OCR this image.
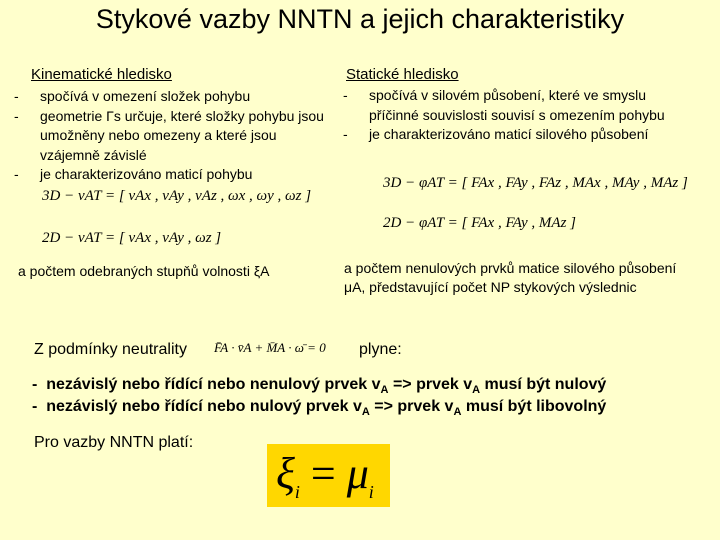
Stykové vazby NNTN a jejich charakteristiky
Kinematické hledisko
-	spočívá v omezení složek pohybu
-	geometrie Γs určuje, které složky pohybu jsou umožněny nebo omezeny a které jsou vzájemně závislé
-	je charakterizováno maticí pohybu
3D − vAT = [ vAx , vAy , vAz , ωx , ωy , ωz ]
2D − vAT = [ vAx , vAy , ωz ]
a počtem odebraných stupňů volnosti ξA
Statické hledisko
-	spočívá v silovém působení, které ve smyslu příčinné souvislosti souvisí s omezením pohybu
-	je charakterizováno maticí silového působení
3D − φAT = [ FAx , FAy , FAz , MAx , MAy , MAz ]
2D − φAT = [ FAx , FAy , MAz ]
a počtem nenulových prvků matice silového působení μA, představující počet NP stykových výslednic
Z podmínky neutrality F̄A · v̄A + M̄A · ω̄ = 0 plyne:
- nezávislý nebo řídící nebo nenulový prvek $v_A$ => prvek $v_A$ musí být nulový
- nezávislý nebo řídící nebo nulový prvek $v_A$ => prvek $v_A$ musí být libovolný
Pro vazby NNTN platí:
$\xi_i = \mu_i$
